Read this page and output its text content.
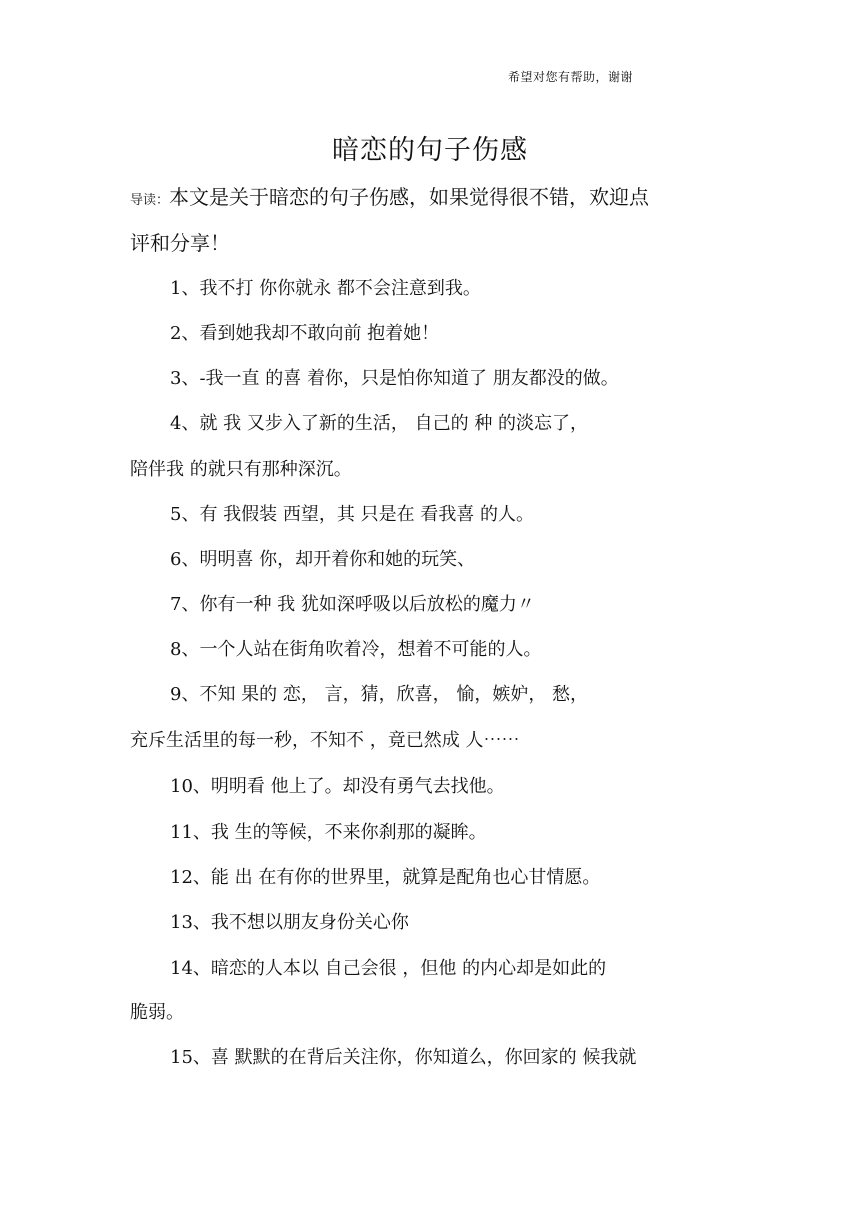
希望对您有帮助，谢谢
暗恋的句子伤感
导读：本文是关于暗恋的句子伤感，如果觉得很不错，欢迎点
评和分享！
1、我不打 你你就永 都不会注意到我。
2、看到她我却不敢向前 抱着她！
3、-我一直 的喜 着你，只是怕你知道了 朋友都没的做。
4、就 我 又步入了新的生活， 自己的 种 的淡忘了，
陪伴我 的就只有那种深沉。
5、有 我假装 西望，其 只是在 看我喜 的人。
6、明明喜 你，却开着你和她的玩笑、
7、你有一种 我 犹如深呼吸以后放松的魔力〃
8、一个人站在街角吹着冷，想着不可能的人。
9、不知 果的 恋， 言，猜，欣喜， 愉，嫉妒， 愁，
充斥生活里的每一秒，不知不 ，竟已然成 人⋯⋯
10、明明看 他上了。却没有勇气去找他。
11、我 生的等候，不来你刹那的凝眸。
12、能 出 在有你的世界里，就算是配角也心甘情愿。
13、我不想以朋友身份关心你
14、暗恋的人本以 自己会很 ，但他 的内心却是如此的
脆弱。
15、喜 默默的在背后关注你，你知道么，你回家的 候我就
